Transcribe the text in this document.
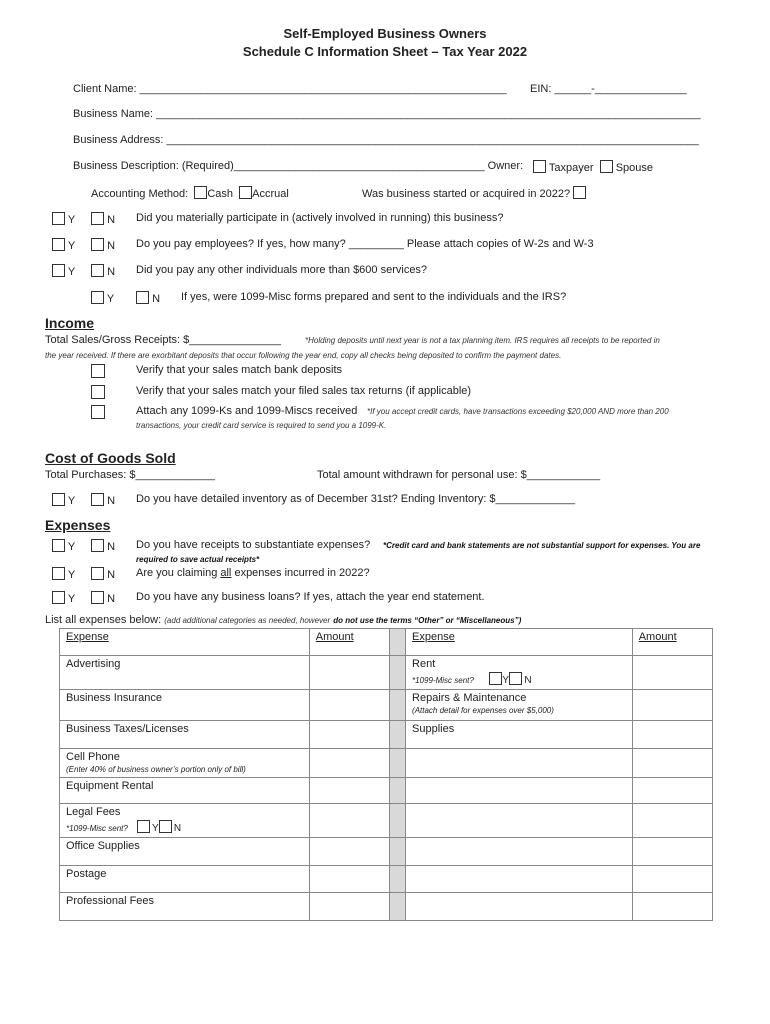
Self-Employed Business Owners
Schedule C Information Sheet – Tax Year 2022
Client Name: ____________________________________________________________ EIN: ______-_______________
Business Name: _________________________________________________________________________________________
Business Address: _______________________________________________________________________________________
Business Description: (Required)_________________________________________ Owner:	Taxpayer Spouse
Accounting Method: Cash Accrual	Was business started or acquired in 2022?
Y	N Did you materially participate in (actively involved in running) this business?
Y	N Do you pay employees? If yes, how many? _________ Please attach copies of W-2s and W-3
Y	N Did you pay any other individuals more than $600 services?
Y	N If yes, were 1099-Misc forms prepared and sent to the individuals and the IRS?
Income
Total Sales/Gross Receipts: $_______________	*Holding deposits until next year is not a tax planning item. IRS requires all receipts to be reported in
the year received. If there are exorbitant deposits that occur following the year end, copy all checks being deposited to confirm the payment dates.
Verify that your sales match bank deposits
Verify that your sales match your filed sales tax returns (if applicable)
Attach any 1099-Ks and 1099-Miscs received *If you accept credit cards, have transactions exceeding $20,000 AND more than 200
transactions, your credit card service is required to send you a 1099-K.
Cost of Goods Sold
Total Purchases: $_____________	Total amount withdrawn for personal use: $____________
Y	N Do you have detailed inventory as of December 31st? Ending Inventory: $_____________
Expenses
Y	N Do you have receipts to substantiate expenses? *Credit card and bank statements are not substantial support for expenses. You are
required to save actual receipts*
Y	N Are you claiming all expenses incurred in 2022?
Y	N Do you have any business loans? If yes, attach the year end statement.
List all expenses below: (add additional categories as needed, however do not use the terms “Other” or “Miscellaneous”)
Expense	Amount		Expense	Amount
Advertising			Rent
*1099-Misc sent? Y N	

Business Insurance			Repairs & Maintenance
(Attach detail for expenses over $5,000)	

Business Taxes/Licenses			Supplies	
Cell Phone
(Enter 40% of business owner’s portion only of bill)				

Equipment Rental				
Legal Fees
*1099-Misc sent? Y N				

Office Supplies				
Postage				
Professional Fees				
